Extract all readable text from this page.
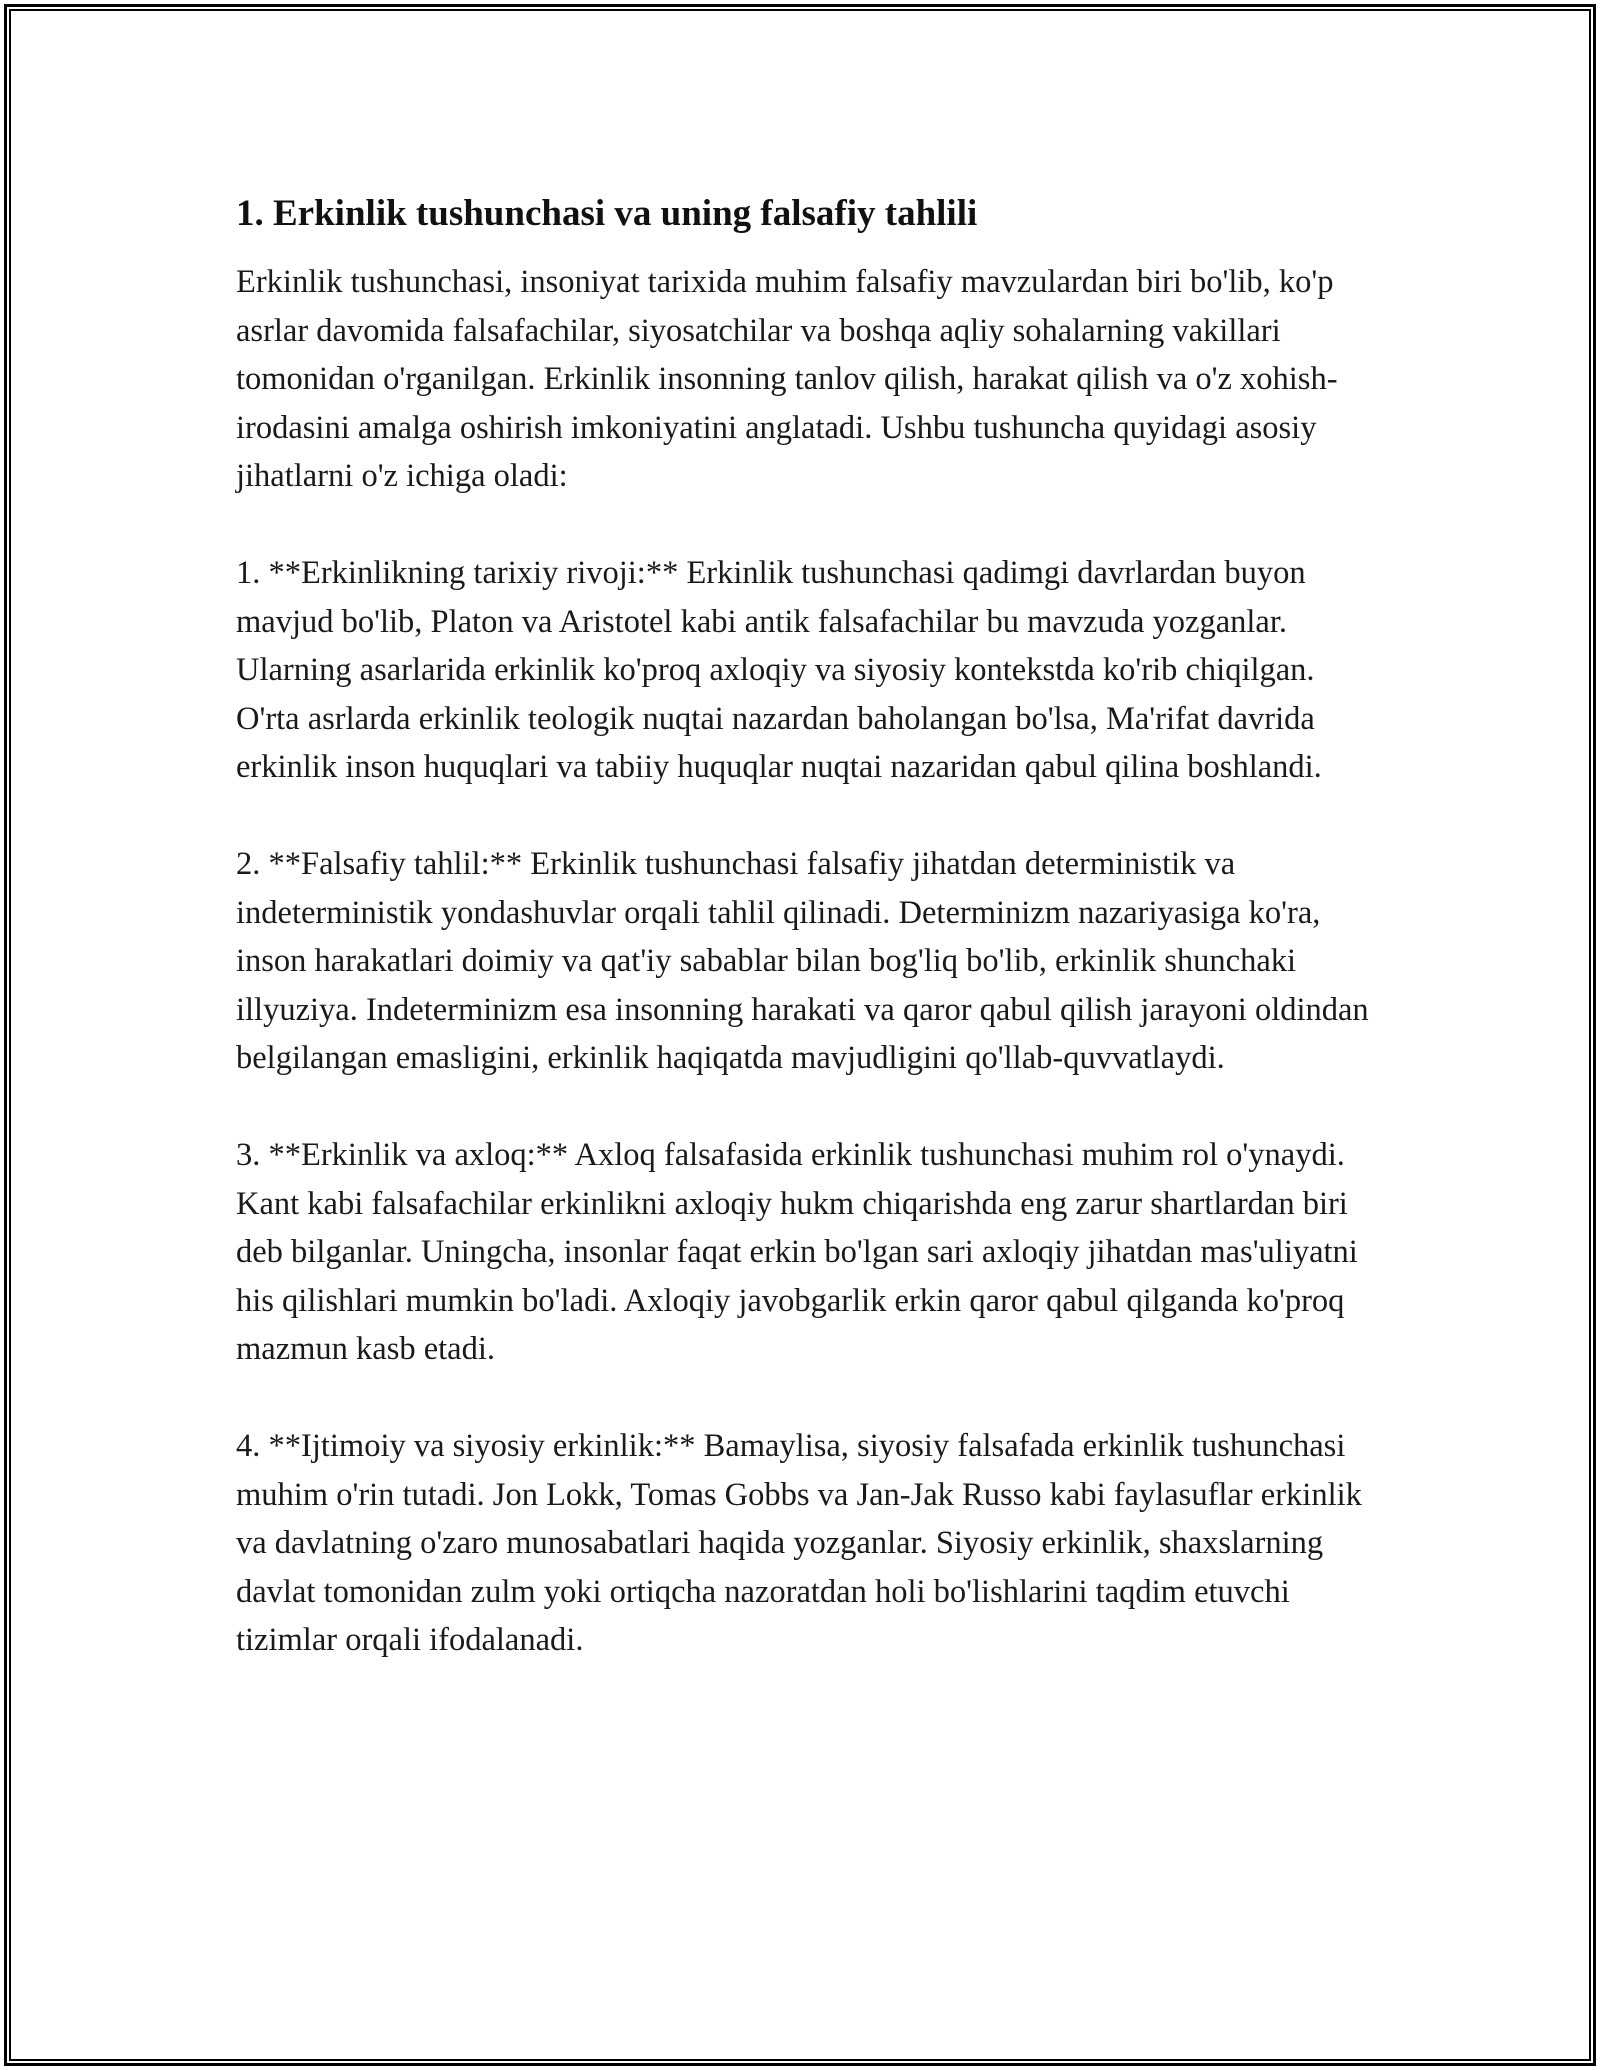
1. Erkinlik tushunchasi va uning falsafiy tahlili

Erkinlik tushunchasi, insoniyat tarixida muhim falsafiy mavzulardan biri bo'lib, ko'p asrlar davomida falsafachilar, siyosatchilar va boshqa aqliy sohalarning vakillari tomonidan o'rganilgan. Erkinlik insonning tanlov qilish, harakat qilish va o'z xohish-irodasini amalga oshirish imkoniyatini anglatadi. Ushbu tushuncha quyidagi asosiy jihatlarni o'z ichiga oladi:

1. **Erkinlikning tarixiy rivoji:** Erkinlik tushunchasi qadimgi davrlardan buyon mavjud bo'lib, Platon va Aristotel kabi antik falsafachilar bu mavzuda yozganlar. Ularning asarlarida erkinlik ko'proq axloqiy va siyosiy kontekstda ko'rib chiqilgan. O'rta asrlarda erkinlik teologik nuqtai nazardan baholangan bo'lsa, Ma'rifat davrida erkinlik inson huquqlari va tabiiy huquqlar nuqtai nazaridan qabul qilina boshlandi.

2. **Falsafiy tahlil:** Erkinlik tushunchasi falsafiy jihatdan deterministik va indeterministik yondashuvlar orqali tahlil qilinadi. Determinizm nazariyasiga ko'ra, inson harakatlari doimiy va qat'iy sabablar bilan bog'liq bo'lib, erkinlik shunchaki illyuziya. Indeterminizm esa insonning harakati va qaror qabul qilish jarayoni oldindan belgilangan emasligini, erkinlik haqiqatda mavjudligini qo'llab-quvvatlaydi.

3. **Erkinlik va axloq:** Axloq falsafasida erkinlik tushunchasi muhim rol o'ynaydi. Kant kabi falsafachilar erkinlikni axloqiy hukm chiqarishda eng zarur shartlardan biri deb bilganlar. Uningcha, insonlar faqat erkin bo'lgan sari axloqiy jihatdan mas'uliyatni his qilishlari mumkin bo'ladi. Axloqiy javobgarlik erkin qaror qabul qilganda ko'proq mazmun kasb etadi.

4. **Ijtimoiy va siyosiy erkinlik:** Bamaylisa, siyosiy falsafada erkinlik tushunchasi muhim o'rin tutadi. Jon Lokk, Tomas Gobbs va Jan-Jak Russo kabi faylasuflar erkinlik va davlatning o'zaro munosabatlari haqida yozganlar. Siyosiy erkinlik, shaxslarning davlat tomonidan zulm yoki ortiqcha nazoratdan holi bo'lishlarini taqdim etuvchi tizimlar orqali ifodalanadi.
